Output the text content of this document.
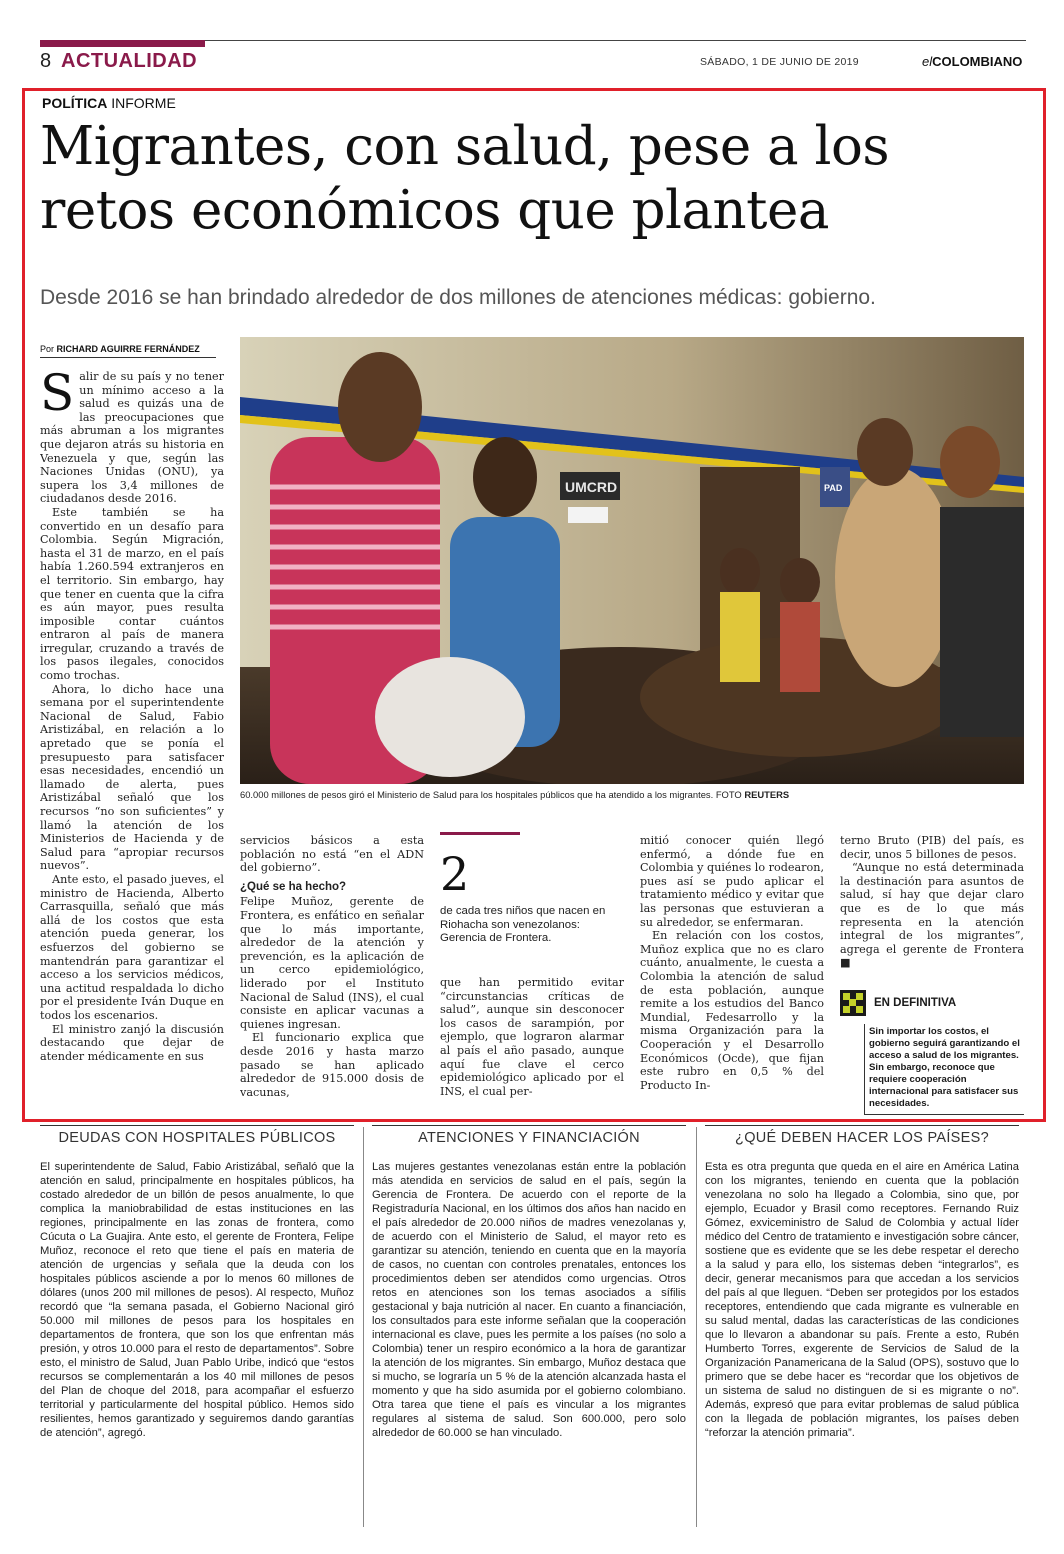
8 ACTUALIDAD	SÁBADO, 1 DE JUNIO DE 2019	elCOLOMBIANO
POLÍTICA INFORME
Migrantes, con salud, pese a los
retos económicos que plantea
Desde 2016 se han brindado alrededor de dos millones de atenciones médicas: gobierno.
Por RICHARD AGUIRRE FERNÁNDEZ

Salir de su país y no tener un mínimo acceso a la salud es quizás una de las preocupaciones que más abruman a los migrantes que dejaron atrás su historia en Venezuela y que, según las Naciones Unidas (ONU), ya supera los 3,4 millones de ciudadanos desde 2016.

Este también se ha convertido en un desafío para Colombia. Según Migración, hasta el 31 de marzo, en el país había 1.260.594 extranjeros en el territorio. Sin embargo, hay que tener en cuenta que la cifra es aún mayor, pues resulta imposible contar cuántos entraron al país de manera irregular, cruzando a través de los pasos ilegales, conocidos como trochas.

Ahora, lo dicho hace una semana por el superintendente Nacional de Salud, Fabio Aristizábal, en relación a lo apretado que se ponía el presupuesto para satisfacer esas necesidades, encendió un llamado de alerta, pues Aristizábal señaló que los recursos “no son suficientes” y llamó la atención de los Ministerios de Hacienda y de Salud para “apropiar recursos nuevos”.

Ante esto, el pasado jueves, el ministro de Hacienda, Alberto Carrasquilla, señaló que más allá de los costos que esta atención pueda generar, los esfuerzos del gobierno se mantendrán para garantizar el acceso a los servicios médicos, una actitud respaldada lo dicho por el presidente Iván Duque en todos los escenarios.

El ministro zanjó la discusión destacando que dejar de atender médicamente en sus

UMCRD	PAD
60.000 millones de pesos giró el Ministerio de Salud para los hospitales públicos que ha atendido a los migrantes. FOTO REUTERS

servicios básicos a esta población no está “en el ADN del gobierno”.

¿Qué se ha hecho?

Felipe Muñoz, gerente de Frontera, es enfático en señalar que lo más importante, alrededor de la atención y prevención, es la aplicación de un cerco epidemiológico, liderado por el Instituto Nacional de Salud (INS), el cual consiste en aplicar vacunas a quienes ingresan.

El funcionario explica que desde 2016 y hasta marzo pasado se han aplicado alrededor de 915.000 dosis de vacunas,

2
de cada tres niños que nacen en Riohacha son venezolanos: Gerencia de Frontera.

que han permitido evitar “circunstancias críticas de salud”, aunque sin desconocer los casos de sarampión, por ejemplo, que lograron alarmar al país el año pasado, aunque aquí fue clave el cerco epidemiológico aplicado por el INS, el cual per-

mitió conocer quién llegó enfermó, a dónde fue en Colombia y quiénes lo rodearon, pues así se pudo aplicar el tratamiento médico y evitar que las personas que estuvieran a su alrededor, se enfermaran.

En relación con los costos, Muñoz explica que no es claro cuánto, anualmente, le cuesta a Colombia la atención de salud de esta población, aunque remite a los estudios del Banco Mundial, Fedesarrollo y la misma Organización para la Cooperación y el Desarrollo Económicos (Ocde), que fijan este rubro en 0,5 % del Producto In-

terno Bruto (PIB) del país, es decir, unos 5 billones de pesos.

“Aunque no está determinada la destinación para asuntos de salud, sí hay que dejar claro que es de lo que más representa en la atención integral de los migrantes”, agrega el gerente de Frontera ■

EN DEFINITIVA
Sin importar los costos, el gobierno seguirá garantizando el acceso a salud de los migrantes. Sin embargo, reconoce que requiere cooperación internacional para satisfacer sus necesidades.
DEUDAS CON HOSPITALES PÚBLICOS

El superintendente de Salud, Fabio Aristizábal, señaló que la atención en salud, principalmente en hospitales públicos, ha costado alrededor de un billón de pesos anualmente, lo que complica la maniobrabilidad de estas instituciones en las regiones, principalmente en las zonas de frontera, como Cúcuta o La Guajira. Ante esto, el gerente de Frontera, Felipe Muñoz, reconoce el reto que tiene el país en materia de atención de urgencias y señala que la deuda con los hospitales públicos asciende a por lo menos 60 millones de dólares (unos 200 mil millones de pesos). Al respecto, Muñoz recordó que “la semana pasada, el Gobierno Nacional giró 50.000 mil millones de pesos para los hospitales en departamentos de frontera, que son los que enfrentan más presión, y otros 10.000 para el resto de departamentos”. Sobre esto, el ministro de Salud, Juan Pablo Uribe, indicó que “estos recursos se complementarán a los 40 mil millones de pesos del Plan de choque del 2018, para acompañar el esfuerzo territorial y particularmente del hospital público. Hemos sido resilientes, hemos garantizado y seguiremos dando garantías de atención”, agregó.

ATENCIONES Y FINANCIACIÓN

Las mujeres gestantes venezolanas están entre la población más atendida en servicios de salud en el país, según la Gerencia de Frontera. De acuerdo con el reporte de la Registraduría Nacional, en los últimos dos años han nacido en el país alrededor de 20.000 niños de madres venezolanas y, de acuerdo con el Ministerio de Salud, el mayor reto es garantizar su atención, teniendo en cuenta que en la mayoría de casos, no cuentan con controles prenatales, entonces los procedimientos deben ser atendidos como urgencias. Otros retos en atenciones son los temas asociados a sífilis gestacional y baja nutrición al nacer. En cuanto a financiación, los consultados para este informe señalan que la cooperación internacional es clave, pues les permite a los países (no solo a Colombia) tener un respiro económico a la hora de garantizar la atención de los migrantes. Sin embargo, Muñoz destaca que si mucho, se lograría un 5 % de la atención alcanzada hasta el momento y que ha sido asumida por el gobierno colombiano. Otra tarea que tiene el país es vincular a los migrantes regulares al sistema de salud. Son 600.000, pero solo alrededor de 60.000 se han vinculado.

¿QUÉ DEBEN HACER LOS PAÍSES?

Esta es otra pregunta que queda en el aire en América Latina con los migrantes, teniendo en cuenta que la población venezolana no solo ha llegado a Colombia, sino que, por ejemplo, Ecuador y Brasil como receptores. Fernando Ruiz Gómez, exviceministro de Salud de Colombia y actual líder médico del Centro de tratamiento e investigación sobre cáncer, sostiene que es evidente que se les debe respetar el derecho a la salud y para ello, los sistemas deben “integrarlos”, es decir, generar mecanismos para que accedan a los servicios del país al que lleguen. “Deben ser protegidos por los estados receptores, entendiendo que cada migrante es vulnerable en su salud mental, dadas las características de las condiciones que lo llevaron a abandonar su país. Frente a esto, Rubén Humberto Torres, exgerente de Servicios de Salud de la Organización Panamericana de la Salud (OPS), sostuvo que lo primero que se debe hacer es “recordar que los objetivos de un sistema de salud no distinguen de si es migrante o no”. Además, expresó que para evitar problemas de salud pública con la llegada de población migrantes, los países deben “reforzar la atención primaria”.
